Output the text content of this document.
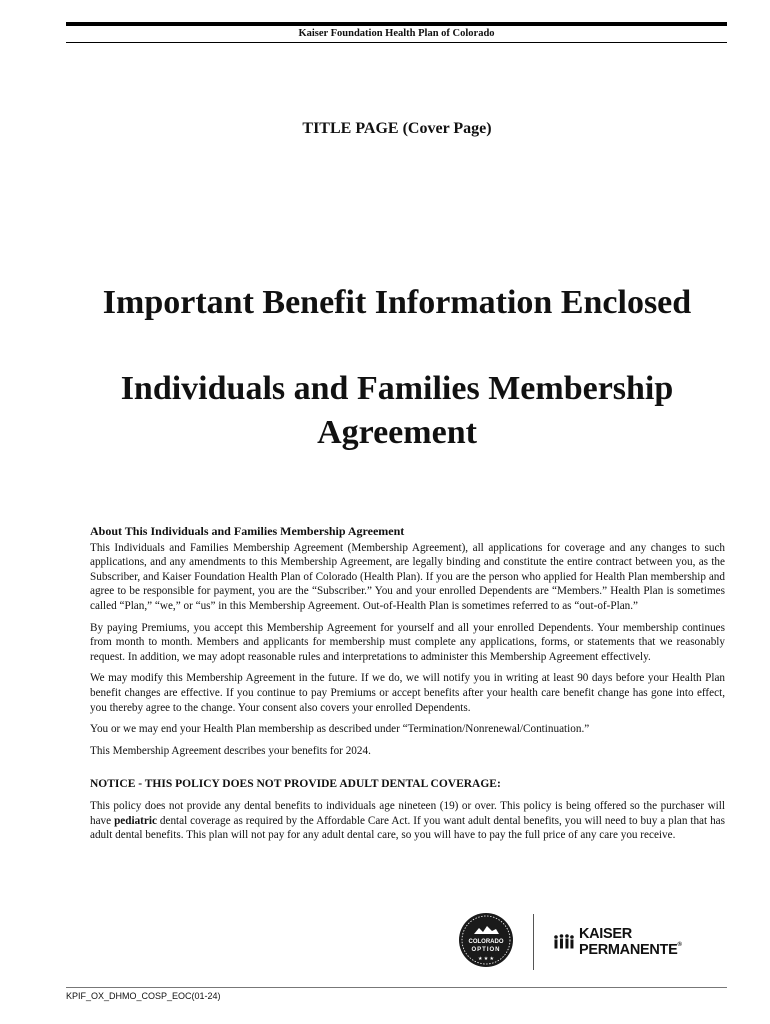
Kaiser Foundation Health Plan of Colorado
TITLE PAGE (Cover Page)
Important Benefit Information Enclosed
Individuals and Families Membership Agreement
About This Individuals and Families Membership Agreement

This Individuals and Families Membership Agreement (Membership Agreement), all applications for coverage and any changes to such applications, and any amendments to this Membership Agreement, are legally binding and constitute the entire contract between you, as the Subscriber, and Kaiser Foundation Health Plan of Colorado (Health Plan). If you are the person who applied for Health Plan membership and agree to be responsible for payment, you are the “Subscriber.” You and your enrolled Dependents are “Members.” Health Plan is sometimes called “Plan,” “we,” or “us” in this Membership Agreement. Out-of-Health Plan is sometimes referred to as “out-of-Plan.”

By paying Premiums, you accept this Membership Agreement for yourself and all your enrolled Dependents. Your membership continues from month to month. Members and applicants for membership must complete any applications, forms, or statements that we reasonably request. In addition, we may adopt reasonable rules and interpretations to administer this Membership Agreement effectively.

We may modify this Membership Agreement in the future. If we do, we will notify you in writing at least 90 days before your Health Plan benefit changes are effective. If you continue to pay Premiums or accept benefits after your health care benefit change has gone into effect, you thereby agree to the change. Your consent also covers your enrolled Dependents.

You or we may end your Health Plan membership as described under “Termination/Nonrenewal/Continuation.”

This Membership Agreement describes your benefits for 2024.

NOTICE - THIS POLICY DOES NOT PROVIDE ADULT DENTAL COVERAGE:

This policy does not provide any dental benefits to individuals age nineteen (19) or over. This policy is being offered so the purchaser will have pediatric dental coverage as required by the Affordable Care Act. If you want adult dental benefits, you will need to buy a plan that has adult dental benefits. This plan will not pay for any adult dental care, so you will have to pay the full price of any care you receive.

COLORADO
OPTION
★ ★ ★
KAISER PERMANENTE®
KPIF_OX_DHMO_COSP_EOC(01-24)
